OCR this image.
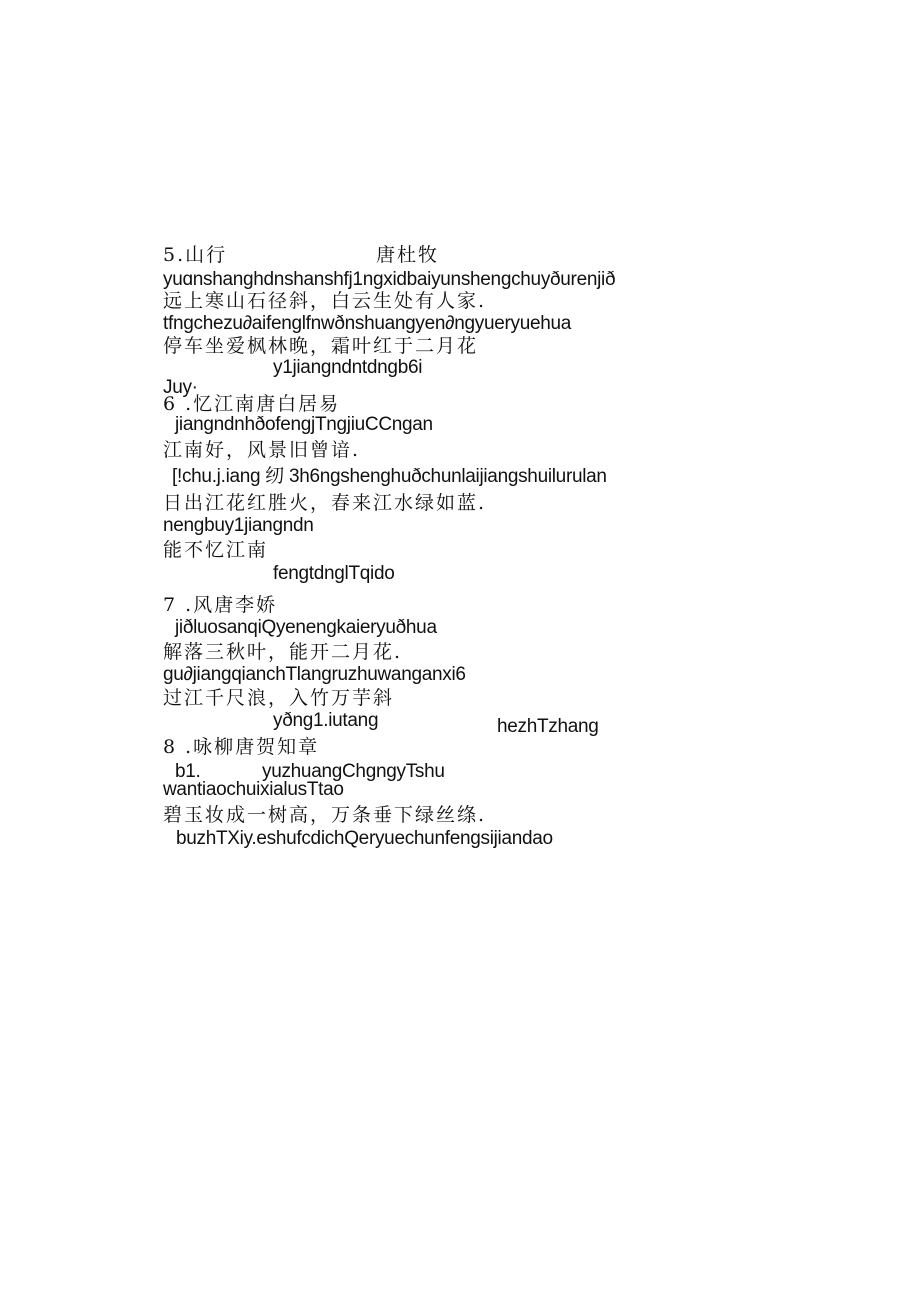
5.山行	唐杜牧
yuɑnshanghdnshanshfj1ngxidbaiyunshengchuyðurenjið
远上寒山石径斜，白云生处有人家.
tfngchezu∂aifenglfnwðnshuangyen∂ngyueryuehua
停车坐爱枫林晚，霜叶红于二月花
y1jiangndntdngb6i
Juy·
6 .忆江南唐白居易
jiangndnhðofengjTngjiuCCngan
江南好，风景旧曾谙.
[!chu.j.iang 纫 3h6ngshenghuðchunlaijiangshuilurulan
日出江花红胜火，春来江水绿如蓝.
nengbuy1jiangndn
能不忆江南
fengtdnglTqido
7 .风唐李娇
jiðluosanqiQyenengkaieryuðhua
解落三秋叶，能开二月花.
gu∂jiangqianchTlangruzhuwanganxi6
过江千尺浪，入竹万芋斜
yðng1.iutang	hezhTzhang
8 .咏柳唐贺知章
b1.	yuzhuangChgngyTshu
wantiaochuixialusTtao
碧玉妆成一树高，万条垂下绿丝绦.
buzhTXiy.eshufcdichQeryuechunfengsijiandao
